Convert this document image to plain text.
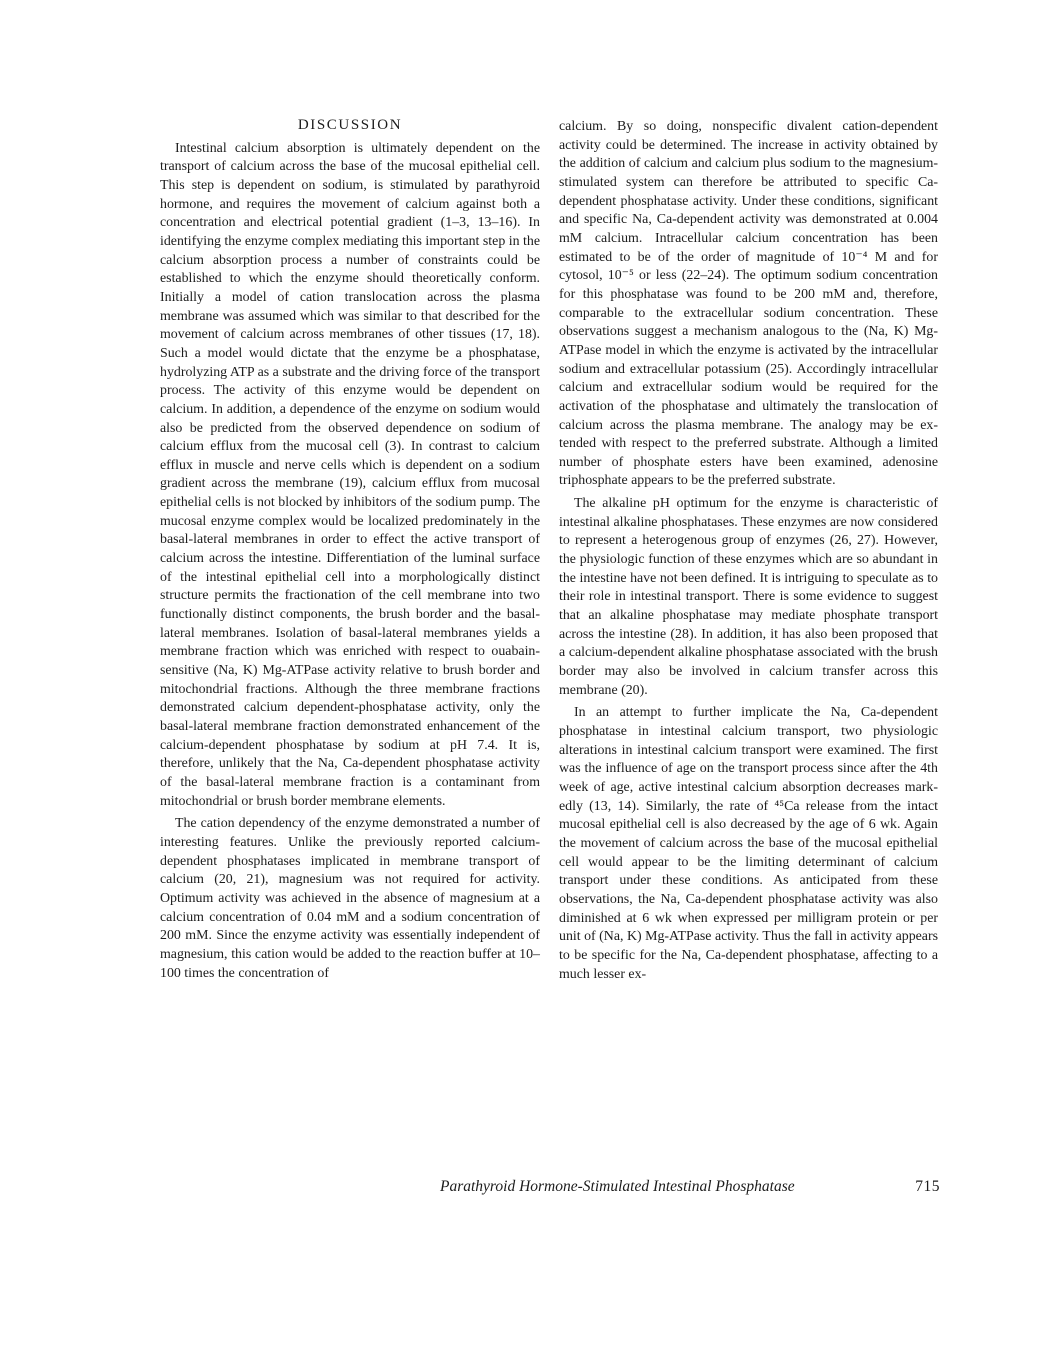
DISCUSSION

Intestinal calcium absorption is ultimately dependent on the transport of calcium across the base of the mucosal epithelial cell. This step is dependent on sodium, is stimulated by parathyroid hormone, and requires the movement of calcium against both a concentration and electrical potential gradient (1–3, 13–16). In identifying the enzyme complex mediating this important step in the calcium absorption process a number of constraints could be established to which the enzyme should theoretically conform. Initially a model of cation translocation across the plasma membrane was assumed which was similar to that described for the movement of calcium across membranes of other tissues (17, 18). Such a model would dictate that the enzyme be a phosphatase, hydrolyzing ATP as a substrate and the driving force of the transport process. The activity of this enzyme would be dependent on calcium. In addition, a dependence of the enzyme on sodium would also be predicted from the observed dependence on sodium of calcium efflux from the mucosal cell (3). In contrast to calcium efflux in muscle and nerve cells which is dependent on a sodium gradient across the membrane (19), calcium efflux from mucosal epithelial cells is not blocked by inhibitors of the sodium pump. The mucosal enzyme complex would be localized predominately in the basal-lateral membranes in order to effect the active transport of calcium across the intestine. Differentiation of the luminal surface of the intestinal epithelial cell into a morphologically distinct structure permits the fractionation of the cell membrane into two functionally distinct components, the brush border and the basal-lateral membranes. Isolation of basal-lateral membranes yields a membrane fraction which was enriched with respect to ouabain-sensitive (Na, K) Mg-ATPase activity relative to brush border and mitochondrial fractions. Although the three membrane fractions demonstrated calcium dependent-phosphatase activity, only the basal-lateral membrane fraction demonstrated enhancement of the calcium-dependent phosphatase by sodium at pH 7.4. It is, therefore, unlikely that the Na, Ca-dependent phosphatase activity of the basal-lateral membrane fraction is a contaminant from mitochondrial or brush border membrane elements.

The cation dependency of the enzyme demonstrated a number of interesting features. Unlike the previously reported calcium-dependent phosphatases implicated in membrane transport of calcium (20, 21), magnesium was not required for activity. Optimum activity was achieved in the absence of magnesium at a calcium concentration of 0.04 mM and a sodium concentration of 200 mM. Since the enzyme activity was essentially independent of magnesium, this cation would be added to the reaction buffer at 10–100 times the concentration of

calcium. By so doing, nonspecific divalent cation-dependent activity could be determined. The increase in activity obtained by the addition of calcium and calcium plus sodium to the magnesium-stimulated system can therefore be attributed to specific Ca-dependent phosphatase activity. Under these conditions, significant and specific Na, Ca-dependent activity was demonstrated at 0.004 mM calcium. Intracellular calcium concentration has been estimated to be of the order of magnitude of 10⁻⁴ M and for cytosol, 10⁻⁵ or less (22–24). The optimum sodium concentration for this phosphatase was found to be 200 mM and, therefore, comparable to the extracellular sodium concentration. These observations suggest a mechanism analogous to the (Na, K) Mg-ATPase model in which the enzyme is activated by the intracellular sodium and extracellular potassium (25). Accordingly intracellular calcium and extracellular sodium would be required for the activation of the phosphatase and ultimately the translocation of calcium across the plasma membrane. The analogy may be extended with respect to the preferred substrate. Although a limited number of phosphate esters have been examined, adenosine triphosphate appears to be the preferred substrate.

The alkaline pH optimum for the enzyme is characteristic of intestinal alkaline phosphatases. These enzymes are now considered to represent a heterogenous group of enzymes (26, 27). However, the physiologic function of these enzymes which are so abundant in the intestine have not been defined. It is intriguing to speculate as to their role in intestinal transport. There is some evidence to suggest that an alkaline phosphatase may mediate phosphate transport across the intestine (28). In addition, it has also been proposed that a calcium-dependent alkaline phosphatase associated with the brush border may also be involved in calcium transfer across this membrane (20).

In an attempt to further implicate the Na, Ca-dependent phosphatase in intestinal calcium transport, two physiologic alterations in intestinal calcium transport were examined. The first was the influence of age on the transport process since after the 4th week of age, active intestinal calcium absorption decreases markedly (13, 14). Similarly, the rate of ⁴⁵Ca release from the intact mucosal epithelial cell is also decreased by the age of 6 wk. Again the movement of calcium across the base of the mucosal epithelial cell would appear to be the limiting determinant of calcium transport under these conditions. As anticipated from these observations, the Na, Ca-dependent phosphatase activity was also diminished at 6 wk when expressed per milligram protein or per unit of (Na, K) Mg-ATPase activity. Thus the fall in activity appears to be specific for the Na, Ca-dependent phosphatase, affecting to a much lesser ex-

Parathyroid Hormone-Stimulated Intestinal Phosphatase	715
